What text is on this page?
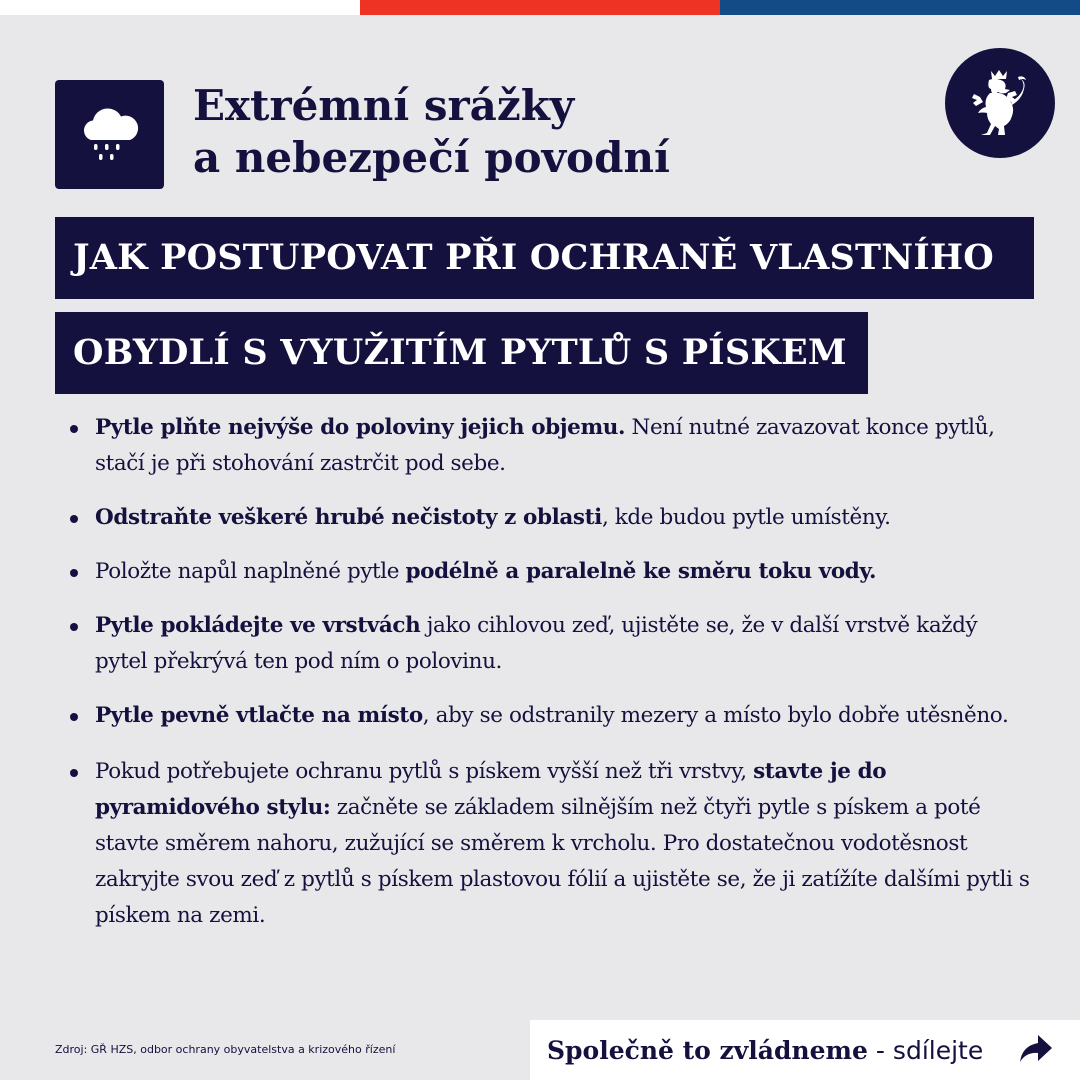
Extrémní srážky
a nebezpečí povodní
JAK POSTUPOVAT PŘI OCHRANĚ VLASTNÍHO
OBYDLÍ S VYUŽITÍM PYTLŮ S PÍSKEM
Pytle plňte nejvýše do poloviny jejich objemu. Není nutné zavazovat konce pytlů, stačí je při stohování zastrčit pod sebe.
Odstraňte veškeré hrubé nečistoty z oblasti, kde budou pytle umístěny.
Položte napůl naplněné pytle podélně a paralelně ke směru toku vody.
Pytle pokládejte ve vrstvách jako cihlovou zeď, ujistěte se, že v další vrstvě každý pytel překrývá ten pod ním o polovinu.
Pytle pevně vtlačte na místo, aby se odstranily mezery a místo bylo dobře utěsněno.
Pokud potřebujete ochranu pytlů s pískem vyšší než tři vrstvy, stavte je do pyramidového stylu: začněte se základem silnějším než čtyři pytle s pískem a poté stavte směrem nahoru, zužující se směrem k vrcholu. Pro dostatečnou vodotěsnost zakryjte svou zeď z pytlů s pískem plastovou fólií a ujistěte se, že ji zatížíte dalšími pytli s pískem na zemi.
Zdroj: GŘ HZS, odbor ochrany obyvatelstva a krizového řízení	Společně to zvládneme - sdílejte
